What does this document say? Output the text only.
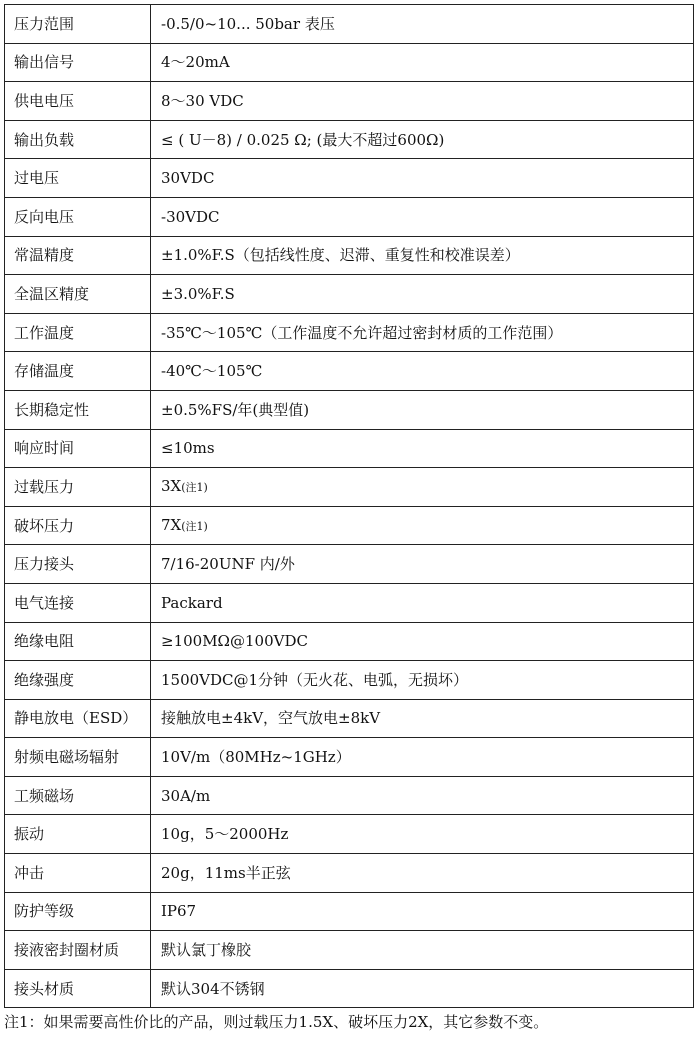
压力范围	-0.5/0~10... 50bar 表压
输出信号	4～20mA
供电电压	8～30 VDC
输出负载	≤ ( U－8) / 0.025 Ω; (最大不超过600Ω)
过电压	30VDC
反向电压	-30VDC
常温精度	±1.0%F.S（包括线性度、迟滞、重复性和校准误差）
全温区精度	±3.0%F.S
工作温度	-35℃～105℃（工作温度不允许超过密封材质的工作范围）
存储温度	-40℃～105℃
长期稳定性	±0.5%FS/年(典型值)
响应时间	≤10ms
过载压力	3X(注1)
破坏压力	7X(注1)
压力接头	7/16-20UNF 内/外
电气连接	Packard
绝缘电阻	≥100MΩ@100VDC
绝缘强度	1500VDC@1分钟（无火花、电弧，无损坏）
静电放电（ESD）	接触放电±4kV，空气放电±8kV
射频电磁场辐射	10V/m（80MHz~1GHz）
工频磁场	30A/m
振动	10g，5～2000Hz
冲击	20g，11ms半正弦
防护等级	IP67
接液密封圈材质	默认氯丁橡胶
接头材质	默认304不锈钢
注1：如果需要高性价比的产品，则过载压力1.5X、破坏压力2X，其它参数不变。
